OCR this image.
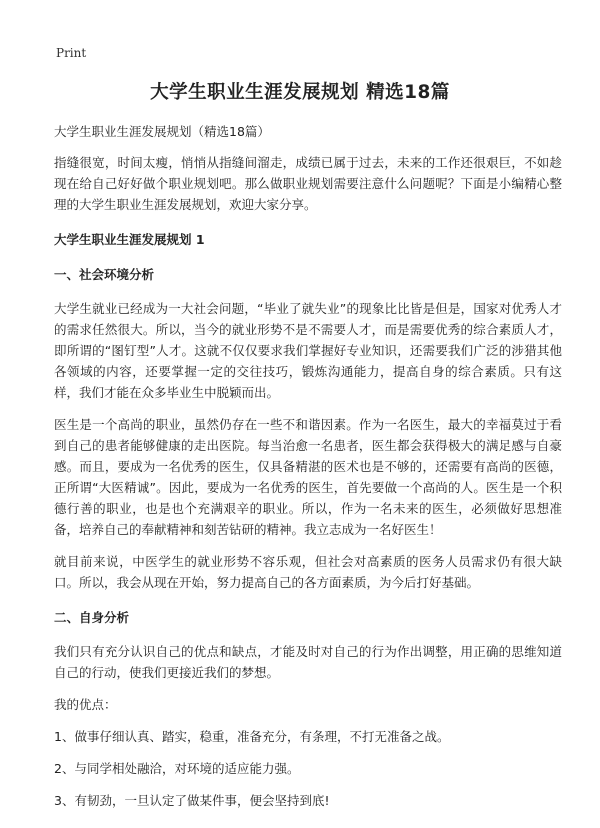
Print
大学生职业生涯发展规划 精选18篇

大学生职业生涯发展规划（精选18篇）

指缝很宽，时间太瘦，悄悄从指缝间溜走，成绩已属于过去，未来的工作还很艰巨，不如趁现在给自己好好做个职业规划吧。那么做职业规划需要注意什么问题呢？下面是小编精心整理的大学生职业生涯发展规划，欢迎大家分享。

大学生职业生涯发展规划 1
一、社会环境分析

大学生就业已经成为一大社会问题，“毕业了就失业”的现象比比皆是但是，国家对优秀人才的需求任然很大。所以，当今的就业形势不是不需要人才，而是需要优秀的综合素质人才，即所谓的“图钉型”人才。这就不仅仅要求我们掌握好专业知识，还需要我们广泛的涉猎其他各领域的内容，还要掌握一定的交往技巧，锻炼沟通能力，提高自身的综合素质。只有这样，我们才能在众多毕业生中脱颖而出。

医生是一个高尚的职业，虽然仍存在一些不和谐因素。作为一名医生，最大的幸福莫过于看到自己的患者能够健康的走出医院。每当治愈一名患者，医生都会获得极大的满足感与自豪感。而且，要成为一名优秀的医生，仅具备精湛的医术也是不够的，还需要有高尚的医德，正所谓“大医精诚”。因此，要成为一名优秀的医生，首先要做一个高尚的人。医生是一个积德行善的职业，也是也个充满艰辛的职业。所以，作为一名未来的医生，必须做好思想准备，培养自己的奉献精神和刻苦钻研的精神。我立志成为一名好医生！

就目前来说，中医学生的就业形势不容乐观，但社会对高素质的医务人员需求仍有很大缺口。所以，我会从现在开始，努力提高自己的各方面素质，为今后打好基础。

二、自身分析

我们只有充分认识自己的优点和缺点，才能及时对自己的行为作出调整，用正确的思维知道自己的行动，使我们更接近我们的梦想。

我的优点：

1、做事仔细认真、踏实，稳重，准备充分，有条理，不打无准备之战。

2、与同学相处融洽，对环境的适应能力强。

3、有韧劲，一旦认定了做某件事，便会坚持到底!
